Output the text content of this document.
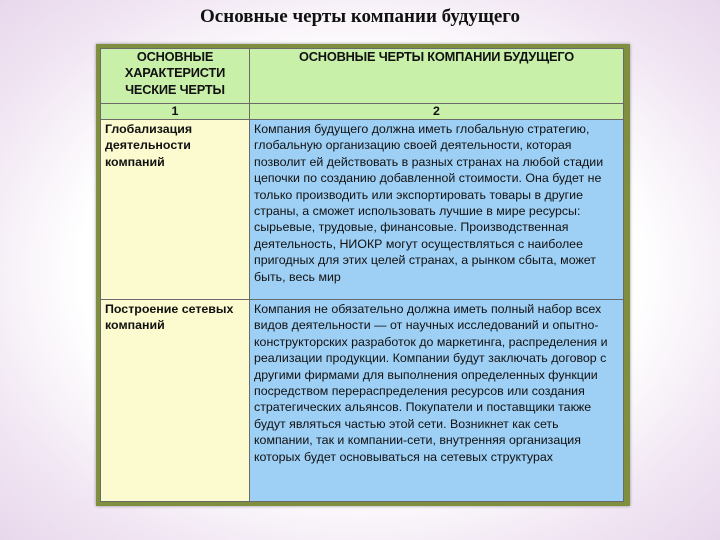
Основные черты компании будущего
ОСНОВНЫЕ ХАРАКТЕРИСТИ ЧЕСКИЕ ЧЕРТЫ	ОСНОВНЫЕ ЧЕРТЫ КОМПАНИИ БУДУЩЕГО
1	2
Глобализация деятельности компаний	Компания будущего должна иметь глобальную стратегию, глобальную организацию своей деятельности, которая позволит ей действовать в разных странах на любой стадии цепочки по созданию добавленной стоимости. Она будет не только производить или экспортировать товары в другие страны, а сможет использовать лучшие в мире ресурсы: сырьевые, трудовые, финансовые. Производственная деятельность, НИОКР могут осуществляться с наиболее пригодных для этих целей странах, а рынком сбыта, может быть, весь мир
Построение сетевых компаний	Компания не обязательно должна иметь полный набор всех видов деятельности — от научных исследований и опытно-конструкторских разработок до маркетинга, распределения и реализации продукции. Компании будут заключать договор с другими фирмами для выполнения определенных функции посредством перераспределения ресурсов или создания стратегических альянсов. Покупатели и поставщики также будут являться частью этой сети. Возникнет как сеть компании, так и компании-сети, внутренняя организация которых будет основываться на сетевых структурах
